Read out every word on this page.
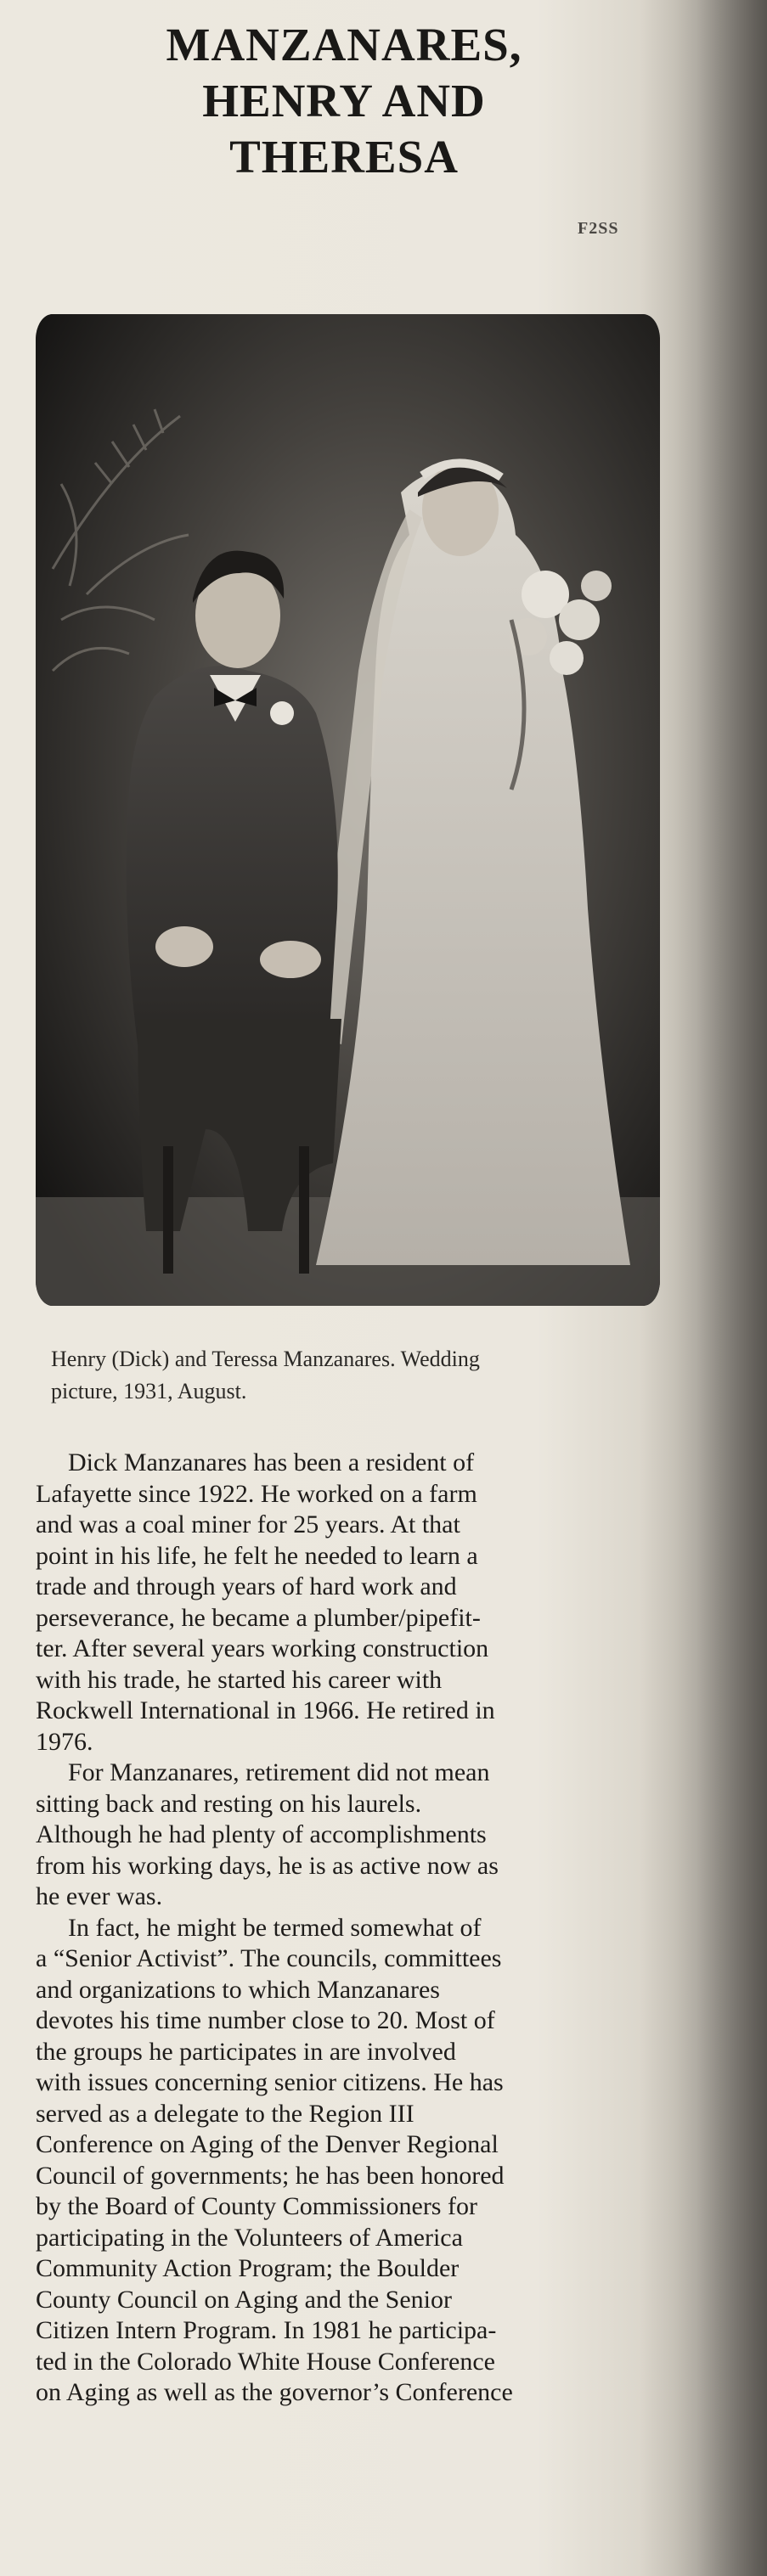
MANZANARES,
HENRY AND
THERESA
F2SS
Henry (Dick) and Teressa Manzanares. Wedding
picture, 1931, August.
Dick Manzanares has been a resident of
Lafayette since 1922. He worked on a farm
and was a coal miner for 25 years. At that
point in his life, he felt he needed to learn a
trade and through years of hard work and
perseverance, he became a plumber/pipefit-
ter. After several years working construction
with his trade, he started his career with
Rockwell International in 1966. He retired in
1976.
For Manzanares, retirement did not mean
sitting back and resting on his laurels.
Although he had plenty of accomplishments
from his working days, he is as active now as
he ever was.
In fact, he might be termed somewhat of
a “Senior Activist”. The councils, committees
and organizations to which Manzanares
devotes his time number close to 20. Most of
the groups he participates in are involved
with issues concerning senior citizens. He has
served as a delegate to the Region III
Conference on Aging of the Denver Regional
Council of governments; he has been honored
by the Board of County Commissioners for
participating in the Volunteers of America
Community Action Program; the Boulder
County Council on Aging and the Senior
Citizen Intern Program. In 1981 he participa-
ted in the Colorado White House Conference
on Aging as well as the governor’s Conference
